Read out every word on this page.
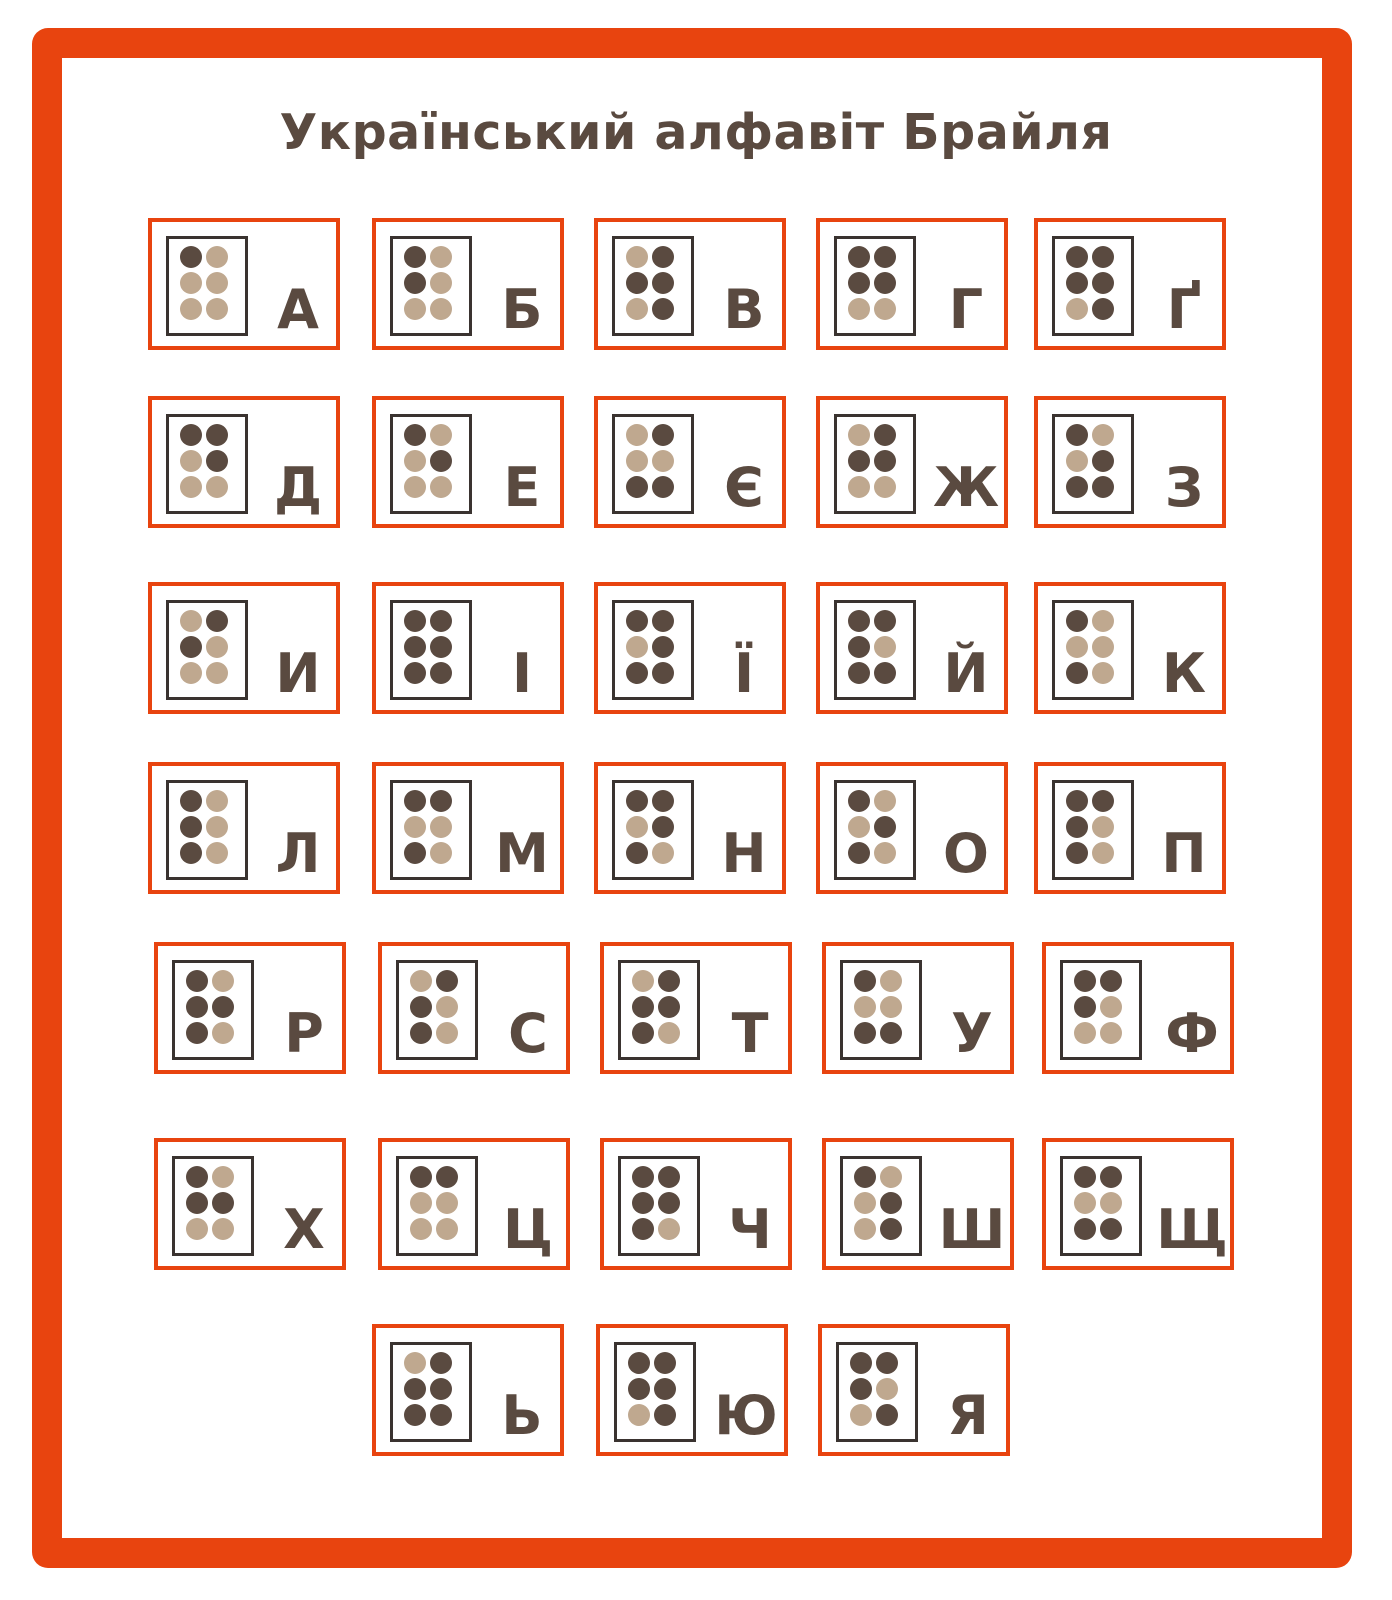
Український алфавіт Брайля
А	Б	В	Г	Ґ
Д	Е	Є	Ж	З
И	І	Ї	Й	К
Л	М	Н	О	П
Р	С	Т	У	Ф
Х	Ц	Ч	Ш	Щ
Ь	Ю	Я
